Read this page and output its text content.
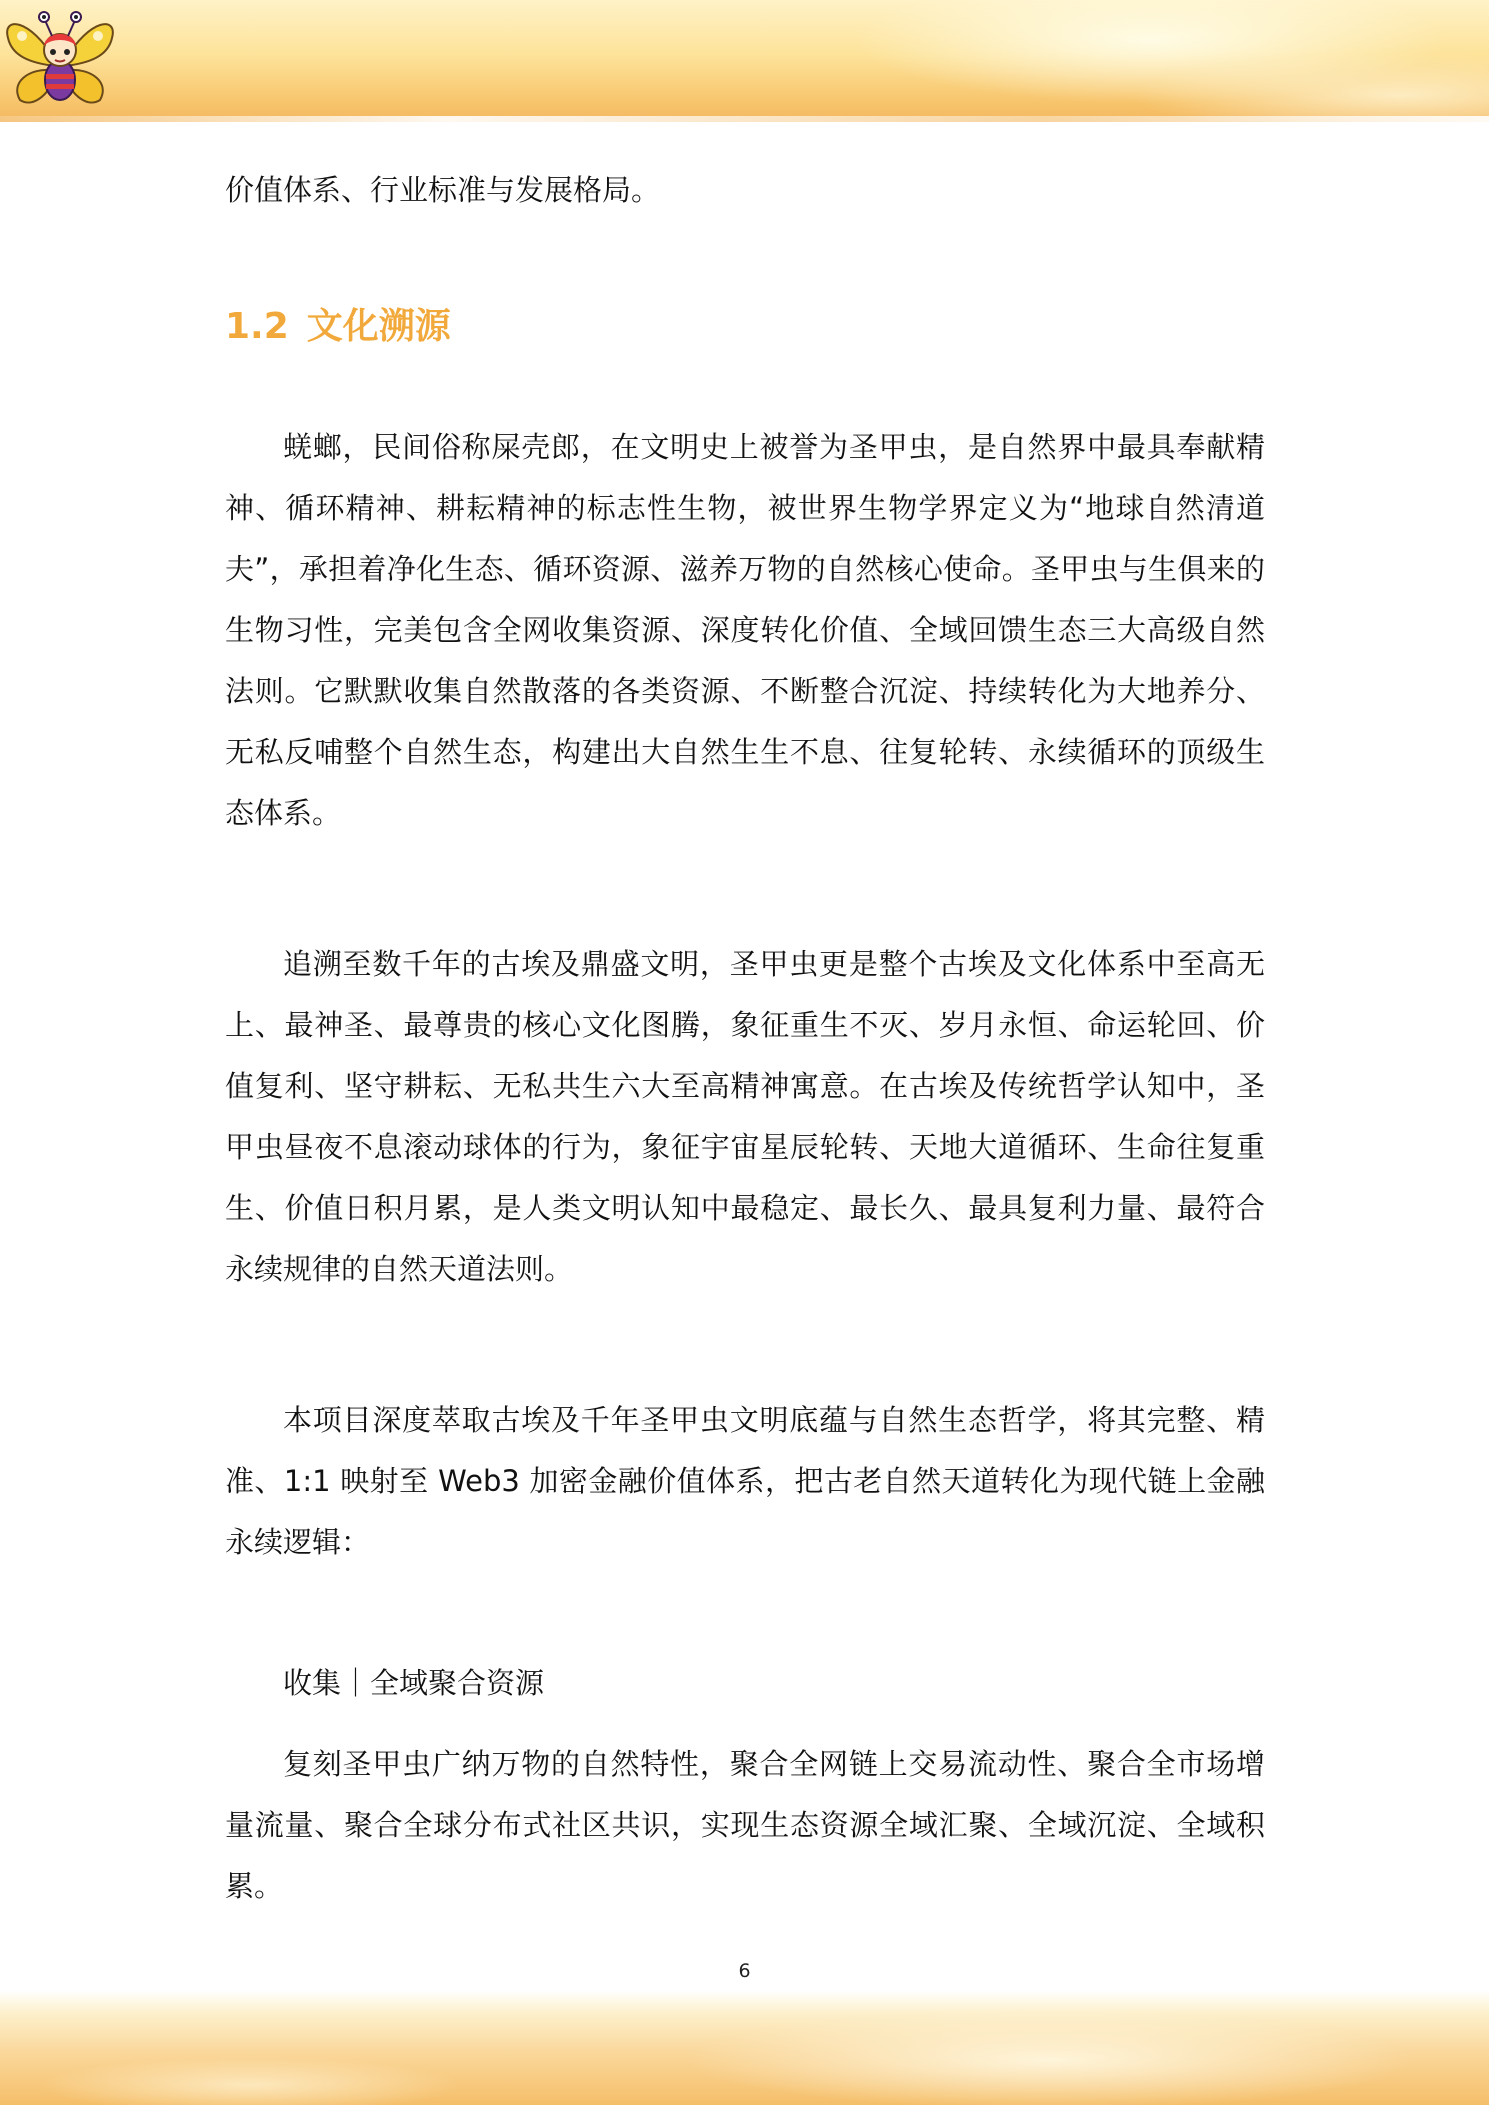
价值体系、行业标准与发展格局。

1.2 文化溯源

蜣螂，民间俗称屎壳郎，在文明史上被誉为圣甲虫，是自然界中最具奉献精神、循环精神、耕耘精神的标志性生物，被世界生物学界定义为“地球自然清道夫”，承担着净化生态、循环资源、滋养万物的自然核心使命。圣甲虫与生俱来的生物习性，完美包含全网收集资源、深度转化价值、全域回馈生态三大高级自然法则。它默默收集自然散落的各类资源、不断整合沉淀、持续转化为大地养分、无私反哺整个自然生态，构建出大自然生生不息、往复轮转、永续循环的顶级生态体系。

追溯至数千年的古埃及鼎盛文明，圣甲虫更是整个古埃及文化体系中至高无上、最神圣、最尊贵的核心文化图腾，象征重生不灭、岁月永恒、命运轮回、价值复利、坚守耕耘、无私共生六大至高精神寓意。在古埃及传统哲学认知中，圣甲虫昼夜不息滚动球体的行为，象征宇宙星辰轮转、天地大道循环、生命往复重生、价值日积月累，是人类文明认知中最稳定、最长久、最具复利力量、最符合永续规律的自然天道法则。

本项目深度萃取古埃及千年圣甲虫文明底蕴与自然生态哲学，将其完整、精准、1:1 映射至 Web3 加密金融价值体系，把古老自然天道转化为现代链上金融永续逻辑：

收集｜全域聚合资源

复刻圣甲虫广纳万物的自然特性，聚合全网链上交易流动性、聚合全市场增量流量、聚合全球分布式社区共识，实现生态资源全域汇聚、全域沉淀、全域积累。

6
